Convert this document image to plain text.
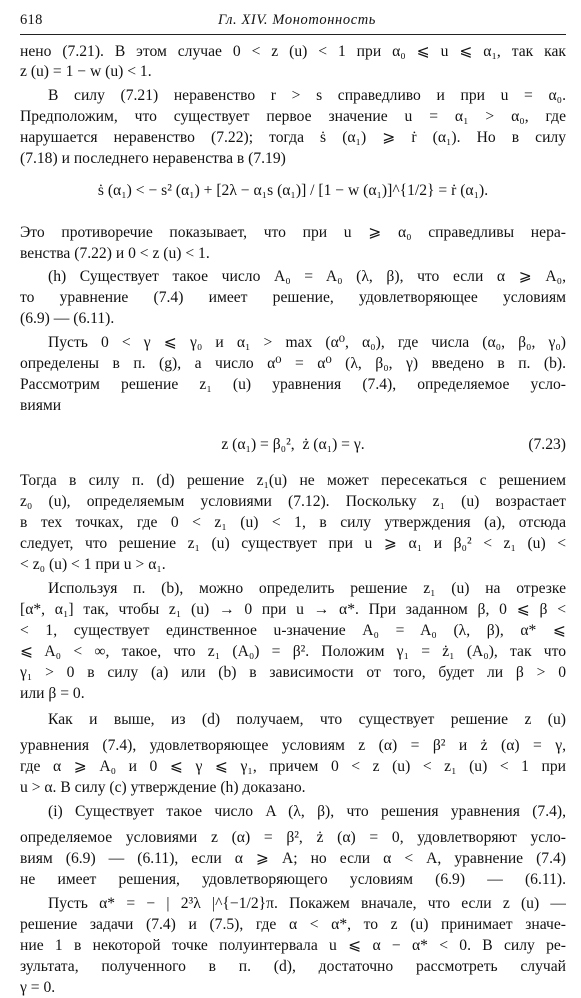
618	Гл. XIV. Монотонность
нено (7.21). В этом случае 0 < z (u) < 1 при α₀ ⩽ u ⩽ α₁, так как
z (u) = 1 − w (u) < 1.
В силу (7.21) неравенство r > s справедливо и при u = α₀.
Предположим, что существует первое значение u = α₁ > α₀, где
нарушается неравенство (7.22); тогда ṡ (α₁) ⩾ ṙ (α₁). Но в силу
(7.18) и последнего неравенства в (7.19)
ṡ (α₁) < − s² (α₁) + [2λ − α₁s (α₁)] / [1 − w (α₁)]^{1/2} = ṙ (α₁).
Это противоречие показывает, что при u ⩾ α₀ справедливы нера-
венства (7.22) и 0 < z (u) < 1.
(h) Существует такое число A₀ = A₀ (λ, β), что если α ⩾ A₀,
то уравнение (7.4) имеет решение, удовлетворяющее условиям
(6.9) — (6.11).
Пусть 0 < γ ⩽ γ₀ и α₁ > max (α⁰, α₀), где числа (α₀, β₀, γ₀)
определены в п. (g), а число α⁰ = α⁰ (λ, β₀, γ) введено в п. (b).
Рассмотрим решение z₁ (u) уравнения (7.4), определяемое усло-
виями
z (α₁) = β₀²,  ż (α₁) = γ.	(7.23)
Тогда в силу п. (d) решение z₁(u) не может пересекаться с решением
z₀ (u), определяемым условиями (7.12). Поскольку z₁ (u) возрастает
в тех точках, где 0 < z₁ (u) < 1, в силу утверждения (a), отсюда
следует, что решение z₁ (u) существует при u ⩾ α₁ и β₀² < z₁ (u) <
< z₀ (u) < 1 при u > α₁.
Используя п. (b), можно определить решение z₁ (u) на отрезке
[α*, α₁] так, чтобы z₁ (u) → 0 при u → α*. При заданном β, 0 ⩽ β <
< 1, существует единственное u-значение A₀ = A₀ (λ, β), α* ⩽
⩽ A₀ < ∞, такое, что z₁ (A₀) = β². Положим γ₁ = ż₁ (A₀), так что
γ₁ > 0 в силу (a) или (b) в зависимости от того, будет ли β > 0
или β = 0.
Как и выше, из (d) получаем, что существует решение z (u)
уравнения (7.4), удовлетворяющее условиям z (α) = β² и ż (α) = γ,
где α ⩾ A₀ и 0 ⩽ γ ⩽ γ₁, причем 0 < z (u) < z₁ (u) < 1 при
u > α. В силу (c) утверждение (h) доказано.
(i) Существует такое число A (λ, β), что решения уравнения (7.4),
определяемое условиями z (α) = β², ż (α) = 0, удовлетворяют усло-
виям (6.9) — (6.11), если α ⩾ A; но если α < A, уравнение (7.4)
не имеет решения, удовлетворяющего условиям (6.9) — (6.11).
Пусть α* = − | 2³λ |^{−1/2}π. Покажем вначале, что если z (u) —
решение задачи (7.4) и (7.5), где α < α*, то z (u) принимает значе-
ние 1 в некоторой точке полуинтервала u ⩽ α − α* < 0. В силу ре-
зультата, полученного в п. (d), достаточно рассмотреть случай
γ = 0.
